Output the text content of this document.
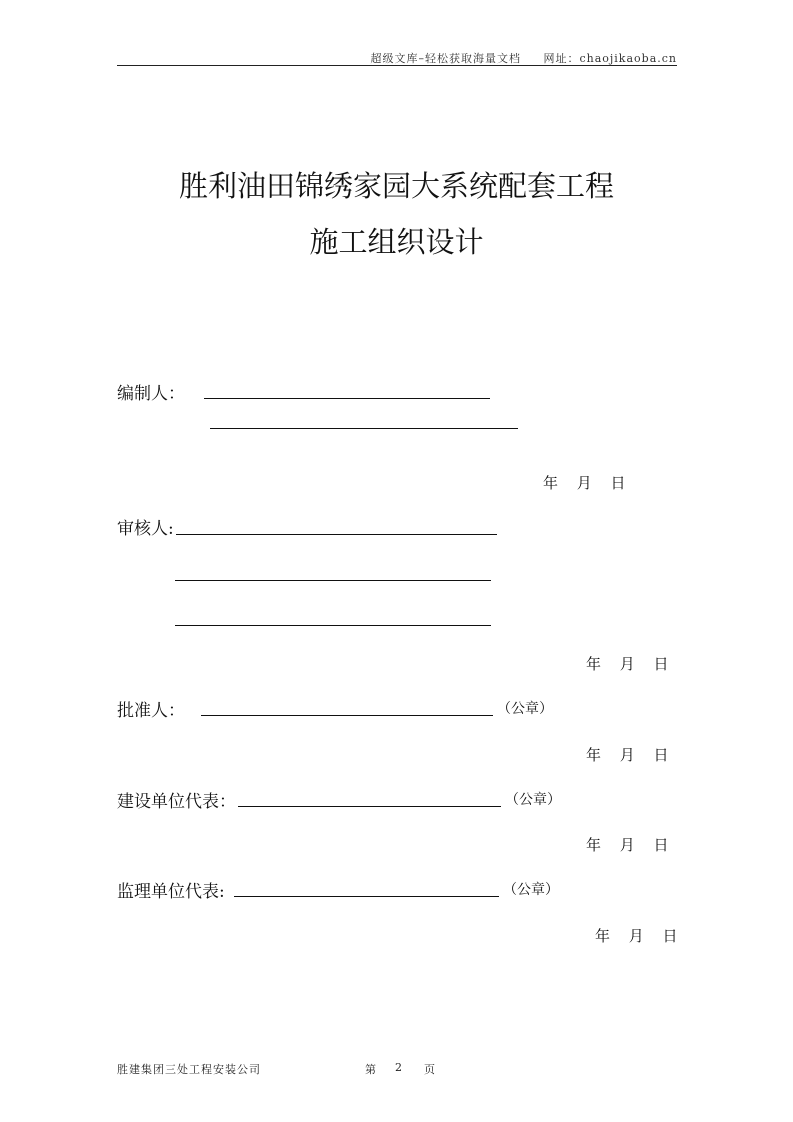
超级文库–轻松获取海量文档 网址：chaojikaoba.cn
胜利油田锦绣家园大系统配套工程
施工组织设计
编制人：
年 月 日
审核人:
年 月 日
批准人：	（公章）
年 月 日
建设单位代表：	（公章）
年 月 日
监理单位代表:	（公章）
年 月 日
胜建集团三处工程安装公司	第 2 页
